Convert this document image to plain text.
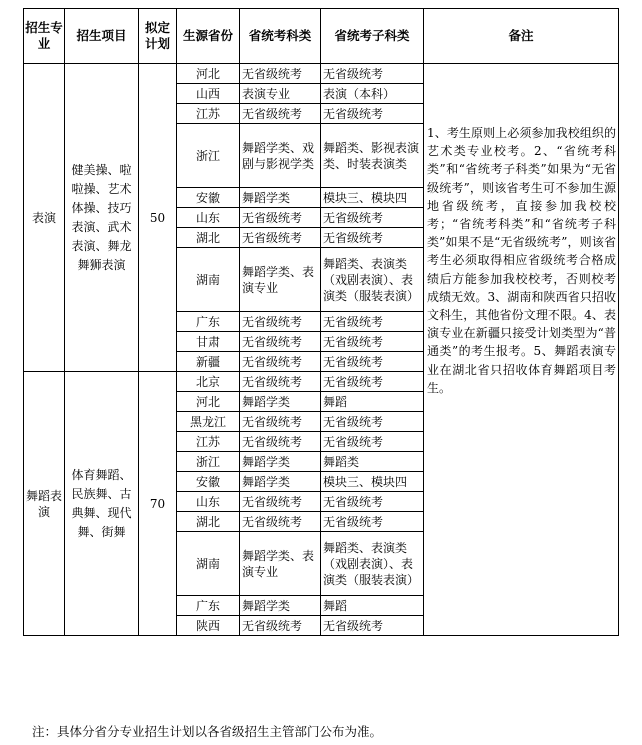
招生专业	招生项目	拟定计划	生源省份	省统考科类	省统考子科类	备注
表演	健美操、啦啦操、艺术体操、技巧表演、武术表演、舞龙舞狮表演	50	河北	无省级统考	无省级统考	1、考生原则上必须参加我校组织的艺术类专业校考。2、“省统考科类”和“省统考子科类”如果为“无省级统考”，则该省考生可不参加生源地省级统考，直接参加我校校考；“省统考科类”和“省统考子科类”如果不是“无省级统考”，则该省考生必须取得相应省级统考合格成绩后方能参加我校校考，否则校考成绩无效。3、湖南和陕西省只招收文科生，其他省份文理不限。4、表演专业在新疆只接受计划类型为“普通类”的考生报考。5、舞蹈表演专业在湖北省只招收体育舞蹈项目考生。
			山西	表演专业	表演（本科）	
			江苏	无省级统考	无省级统考	
			浙江	舞蹈学类、戏剧与影视学类	舞蹈类、影视表演类、时装表演类	
			安徽	舞蹈学类	模块三、模块四	
			山东	无省级统考	无省级统考	
			湖北	无省级统考	无省级统考	
			湖南	舞蹈学类、表演专业	舞蹈类、表演类（戏剧表演）、表演类（服装表演）	
			广东	无省级统考	无省级统考	
			甘肃	无省级统考	无省级统考	
			新疆	无省级统考	无省级统考	
舞蹈表演	体育舞蹈、民族舞、古典舞、现代舞、街舞	70	北京	无省级统考	无省级统考	
			河北	舞蹈学类	舞蹈	
			黑龙江	无省级统考	无省级统考	
			江苏	无省级统考	无省级统考	
			浙江	舞蹈学类	舞蹈类	
			安徽	舞蹈学类	模块三、模块四	
			山东	无省级统考	无省级统考	
			湖北	无省级统考	无省级统考	
			湖南	舞蹈学类、表演专业	舞蹈类、表演类（戏剧表演）、表演类（服装表演）	
			广东	舞蹈学类	舞蹈	
			陕西	无省级统考	无省级统考	
注：具体分省分专业招生计划以各省级招生主管部门公布为准。
